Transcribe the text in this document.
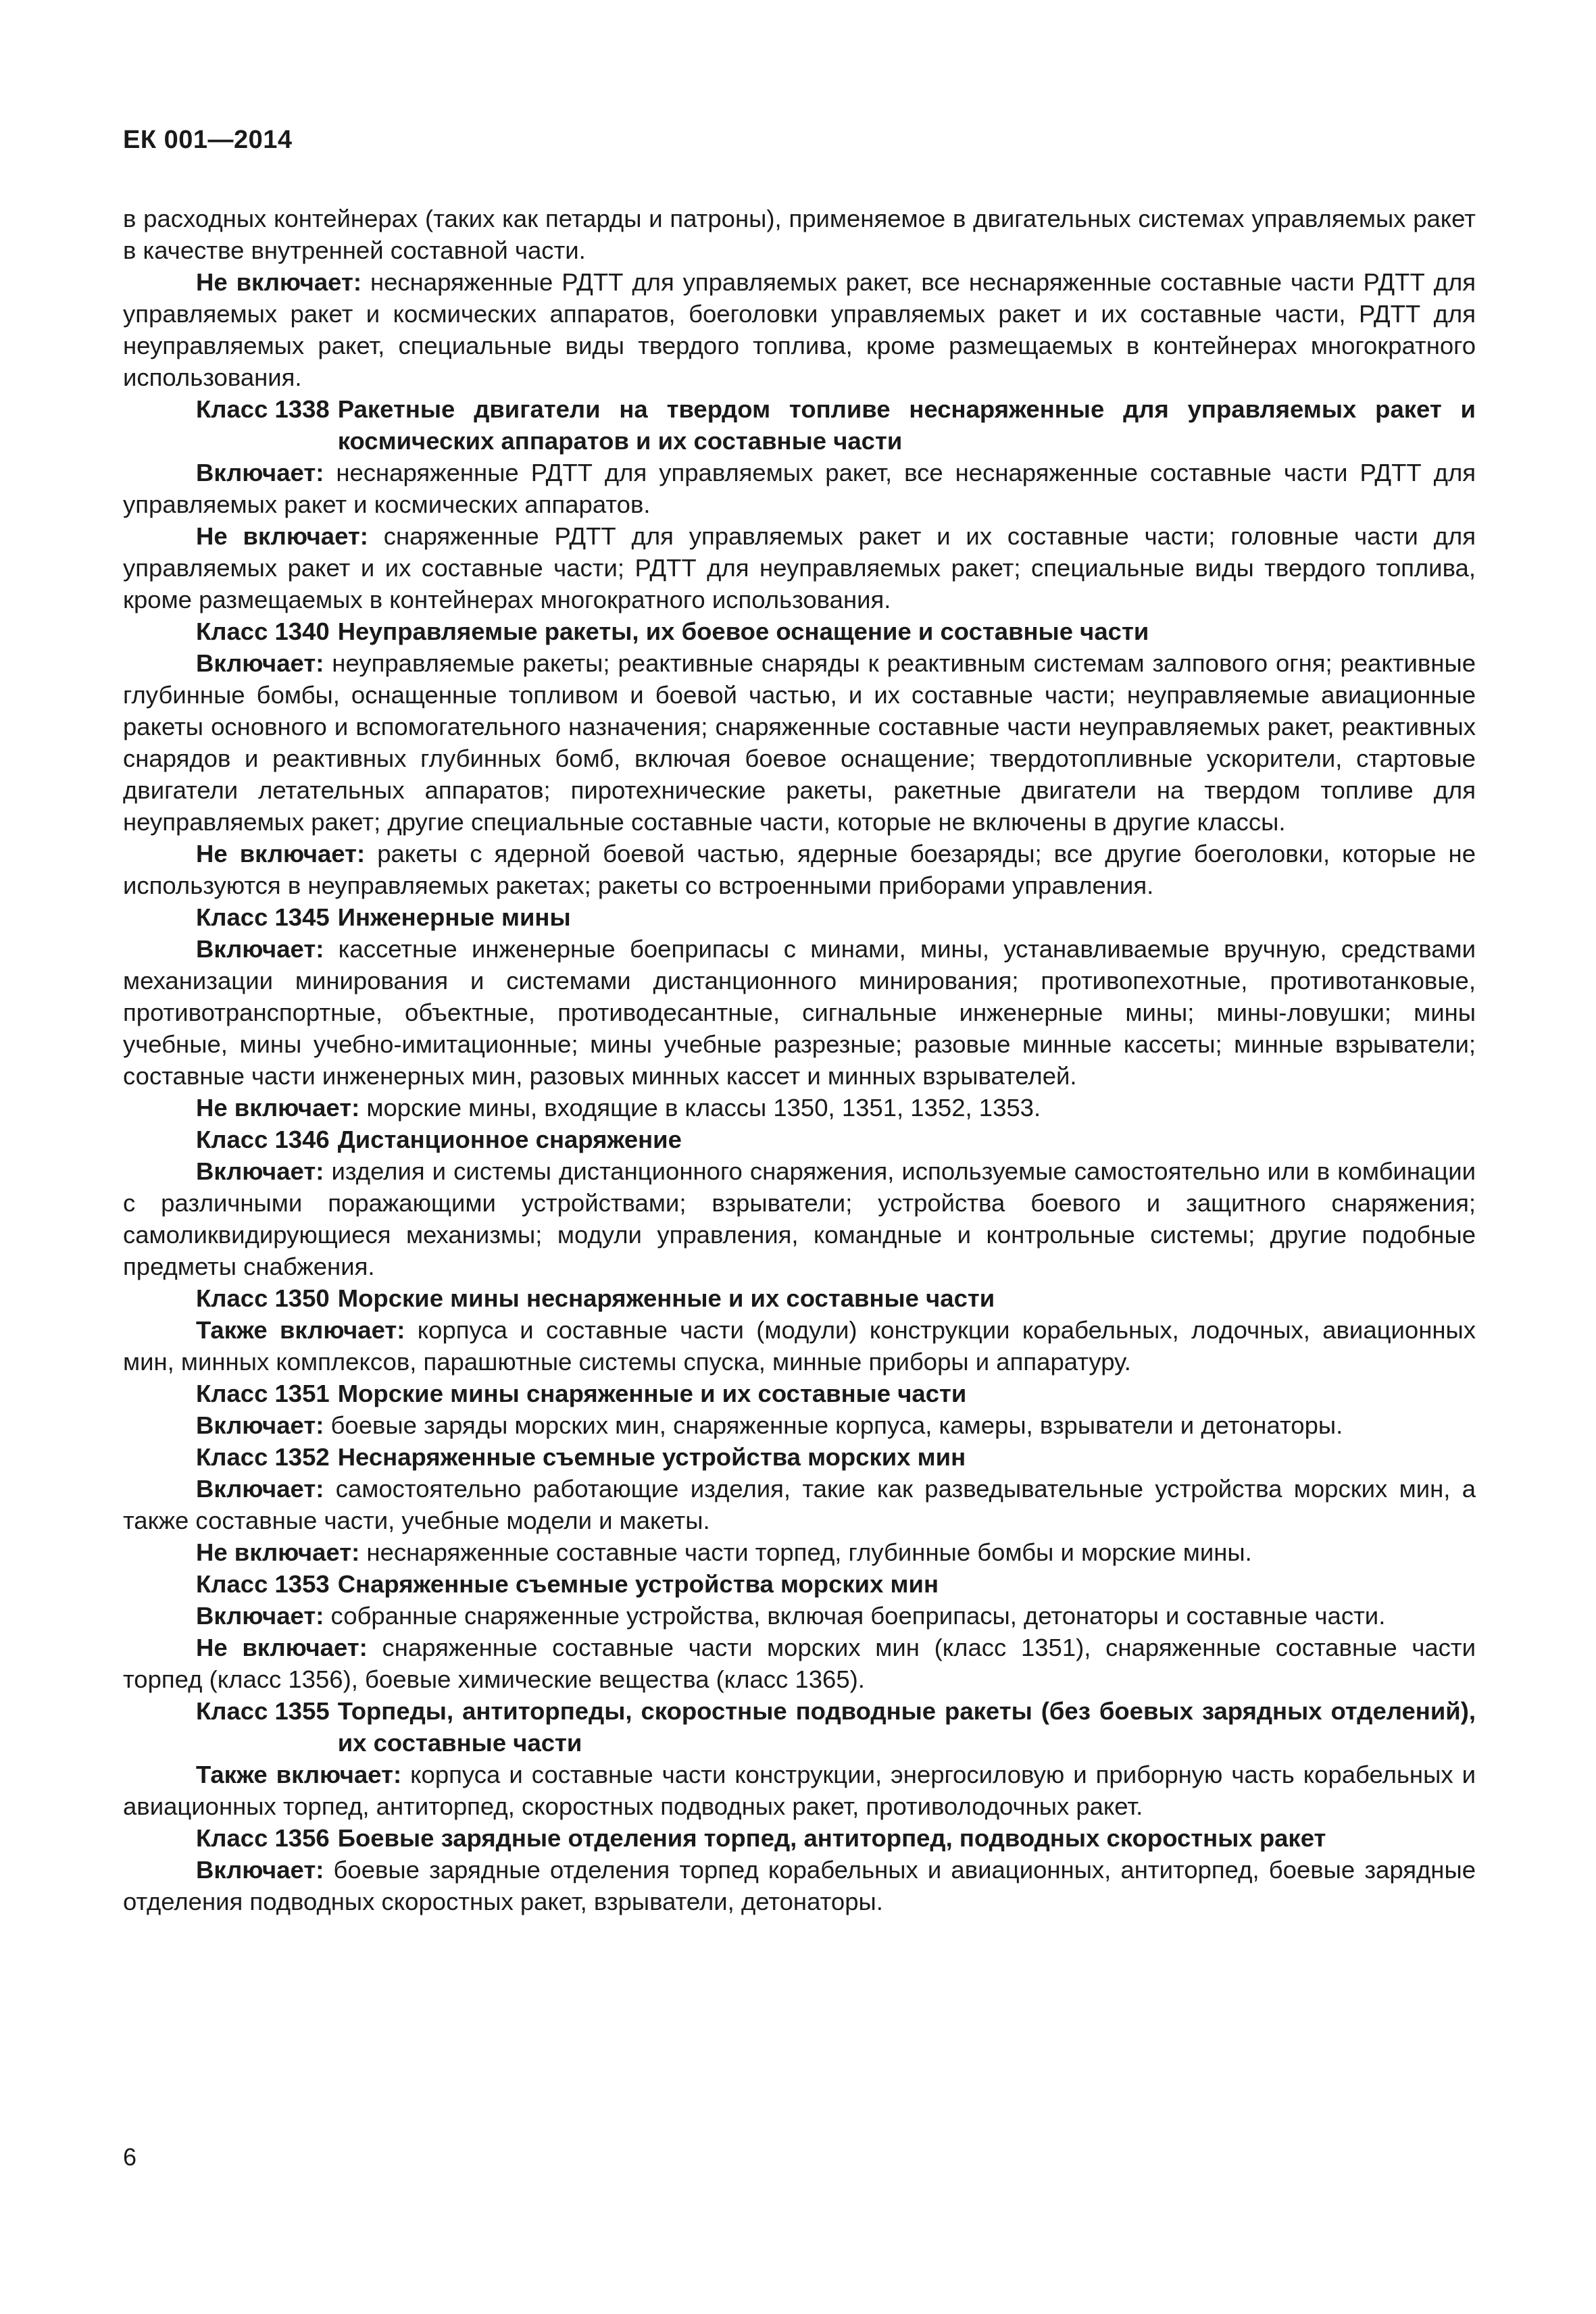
ЕК 001—2014

в расходных контейнерах (таких как петарды и патроны), применяемое в двигательных системах управляемых ракет в качестве внутренней составной части.

Не включает: неснаряженные РДТТ для управляемых ракет, все неснаряженные составные части РДТТ для управляемых ракет и космических аппаратов, боеголовки управляемых ракет и их составные части, РДТТ для неуправляемых ракет, специальные виды твердого топлива, кроме размещаемых в контейнерах многократного использования.

Класс 1338 Ракетные двигатели на твердом топливе неснаряженные для управляемых ракет и космических аппаратов и их составные части

Включает: неснаряженные РДТТ для управляемых ракет, все неснаряженные составные части РДТТ для управляемых ракет и космических аппаратов.

Не включает: снаряженные РДТТ для управляемых ракет и их составные части; головные части для управляемых ракет и их составные части; РДТТ для неуправляемых ракет; специальные виды твердого топлива, кроме размещаемых в контейнерах многократного использования.

Класс 1340 Неуправляемые ракеты, их боевое оснащение и составные части

Включает: неуправляемые ракеты; реактивные снаряды к реактивным системам залпового огня; реактивные глубинные бомбы, оснащенные топливом и боевой частью, и их составные части; неуправляемые авиационные ракеты основного и вспомогательного назначения; снаряженные составные части неуправляемых ракет, реактивных снарядов и реактивных глубинных бомб, включая боевое оснащение; твердотопливные ускорители, стартовые двигатели летательных аппаратов; пиротехнические ракеты, ракетные двигатели на твердом топливе для неуправляемых ракет; другие специальные составные части, которые не включены в другие классы.

Не включает: ракеты с ядерной боевой частью, ядерные боезаряды; все другие боеголовки, которые не используются в неуправляемых ракетах; ракеты со встроенными приборами управления.

Класс 1345 Инженерные мины

Включает: кассетные инженерные боеприпасы с минами, мины, устанавливаемые вручную, средствами механизации минирования и системами дистанционного минирования; противопехотные, противотанковые, противотранспортные, объектные, противодесантные, сигнальные инженерные мины; мины-ловушки; мины учебные, мины учебно-имитационные; мины учебные разрезные; разовые минные кассеты; минные взрыватели; составные части инженерных мин, разовых минных кассет и минных взрывателей.

Не включает: морские мины, входящие в классы 1350, 1351, 1352, 1353.

Класс 1346 Дистанционное снаряжение

Включает: изделия и системы дистанционного снаряжения, используемые самостоятельно или в комбинации с различными поражающими устройствами; взрыватели; устройства боевого и защитного снаряжения; самоликвидирующиеся механизмы; модули управления, командные и контрольные системы; другие подобные предметы снабжения.

Класс 1350 Морские мины неснаряженные и их составные части

Также включает: корпуса и составные части (модули) конструкции корабельных, лодочных, авиационных мин, минных комплексов, парашютные системы спуска, минные приборы и аппаратуру.

Класс 1351 Морские мины снаряженные и их составные части

Включает: боевые заряды морских мин, снаряженные корпуса, камеры, взрыватели и детонаторы.

Класс 1352 Неснаряженные съемные устройства морских мин

Включает: самостоятельно работающие изделия, такие как разведывательные устройства морских мин, а также составные части, учебные модели и макеты.

Не включает: неснаряженные составные части торпед, глубинные бомбы и морские мины.

Класс 1353 Снаряженные съемные устройства морских мин

Включает: собранные снаряженные устройства, включая боеприпасы, детонаторы и составные части.

Не включает: снаряженные составные части морских мин (класс 1351), снаряженные составные части торпед (класс 1356), боевые химические вещества (класс 1365).

Класс 1355 Торпеды, антиторпеды, скоростные подводные ракеты (без боевых зарядных отделений), их составные части

Также включает: корпуса и составные части конструкции, энергосиловую и приборную часть корабельных и авиационных торпед, антиторпед, скоростных подводных ракет, противолодочных ракет.

Класс 1356 Боевые зарядные отделения торпед, антиторпед, подводных скоростных ракет

Включает: боевые зарядные отделения торпед корабельных и авиационных, антиторпед, боевые зарядные отделения подводных скоростных ракет, взрыватели, детонаторы.

6
